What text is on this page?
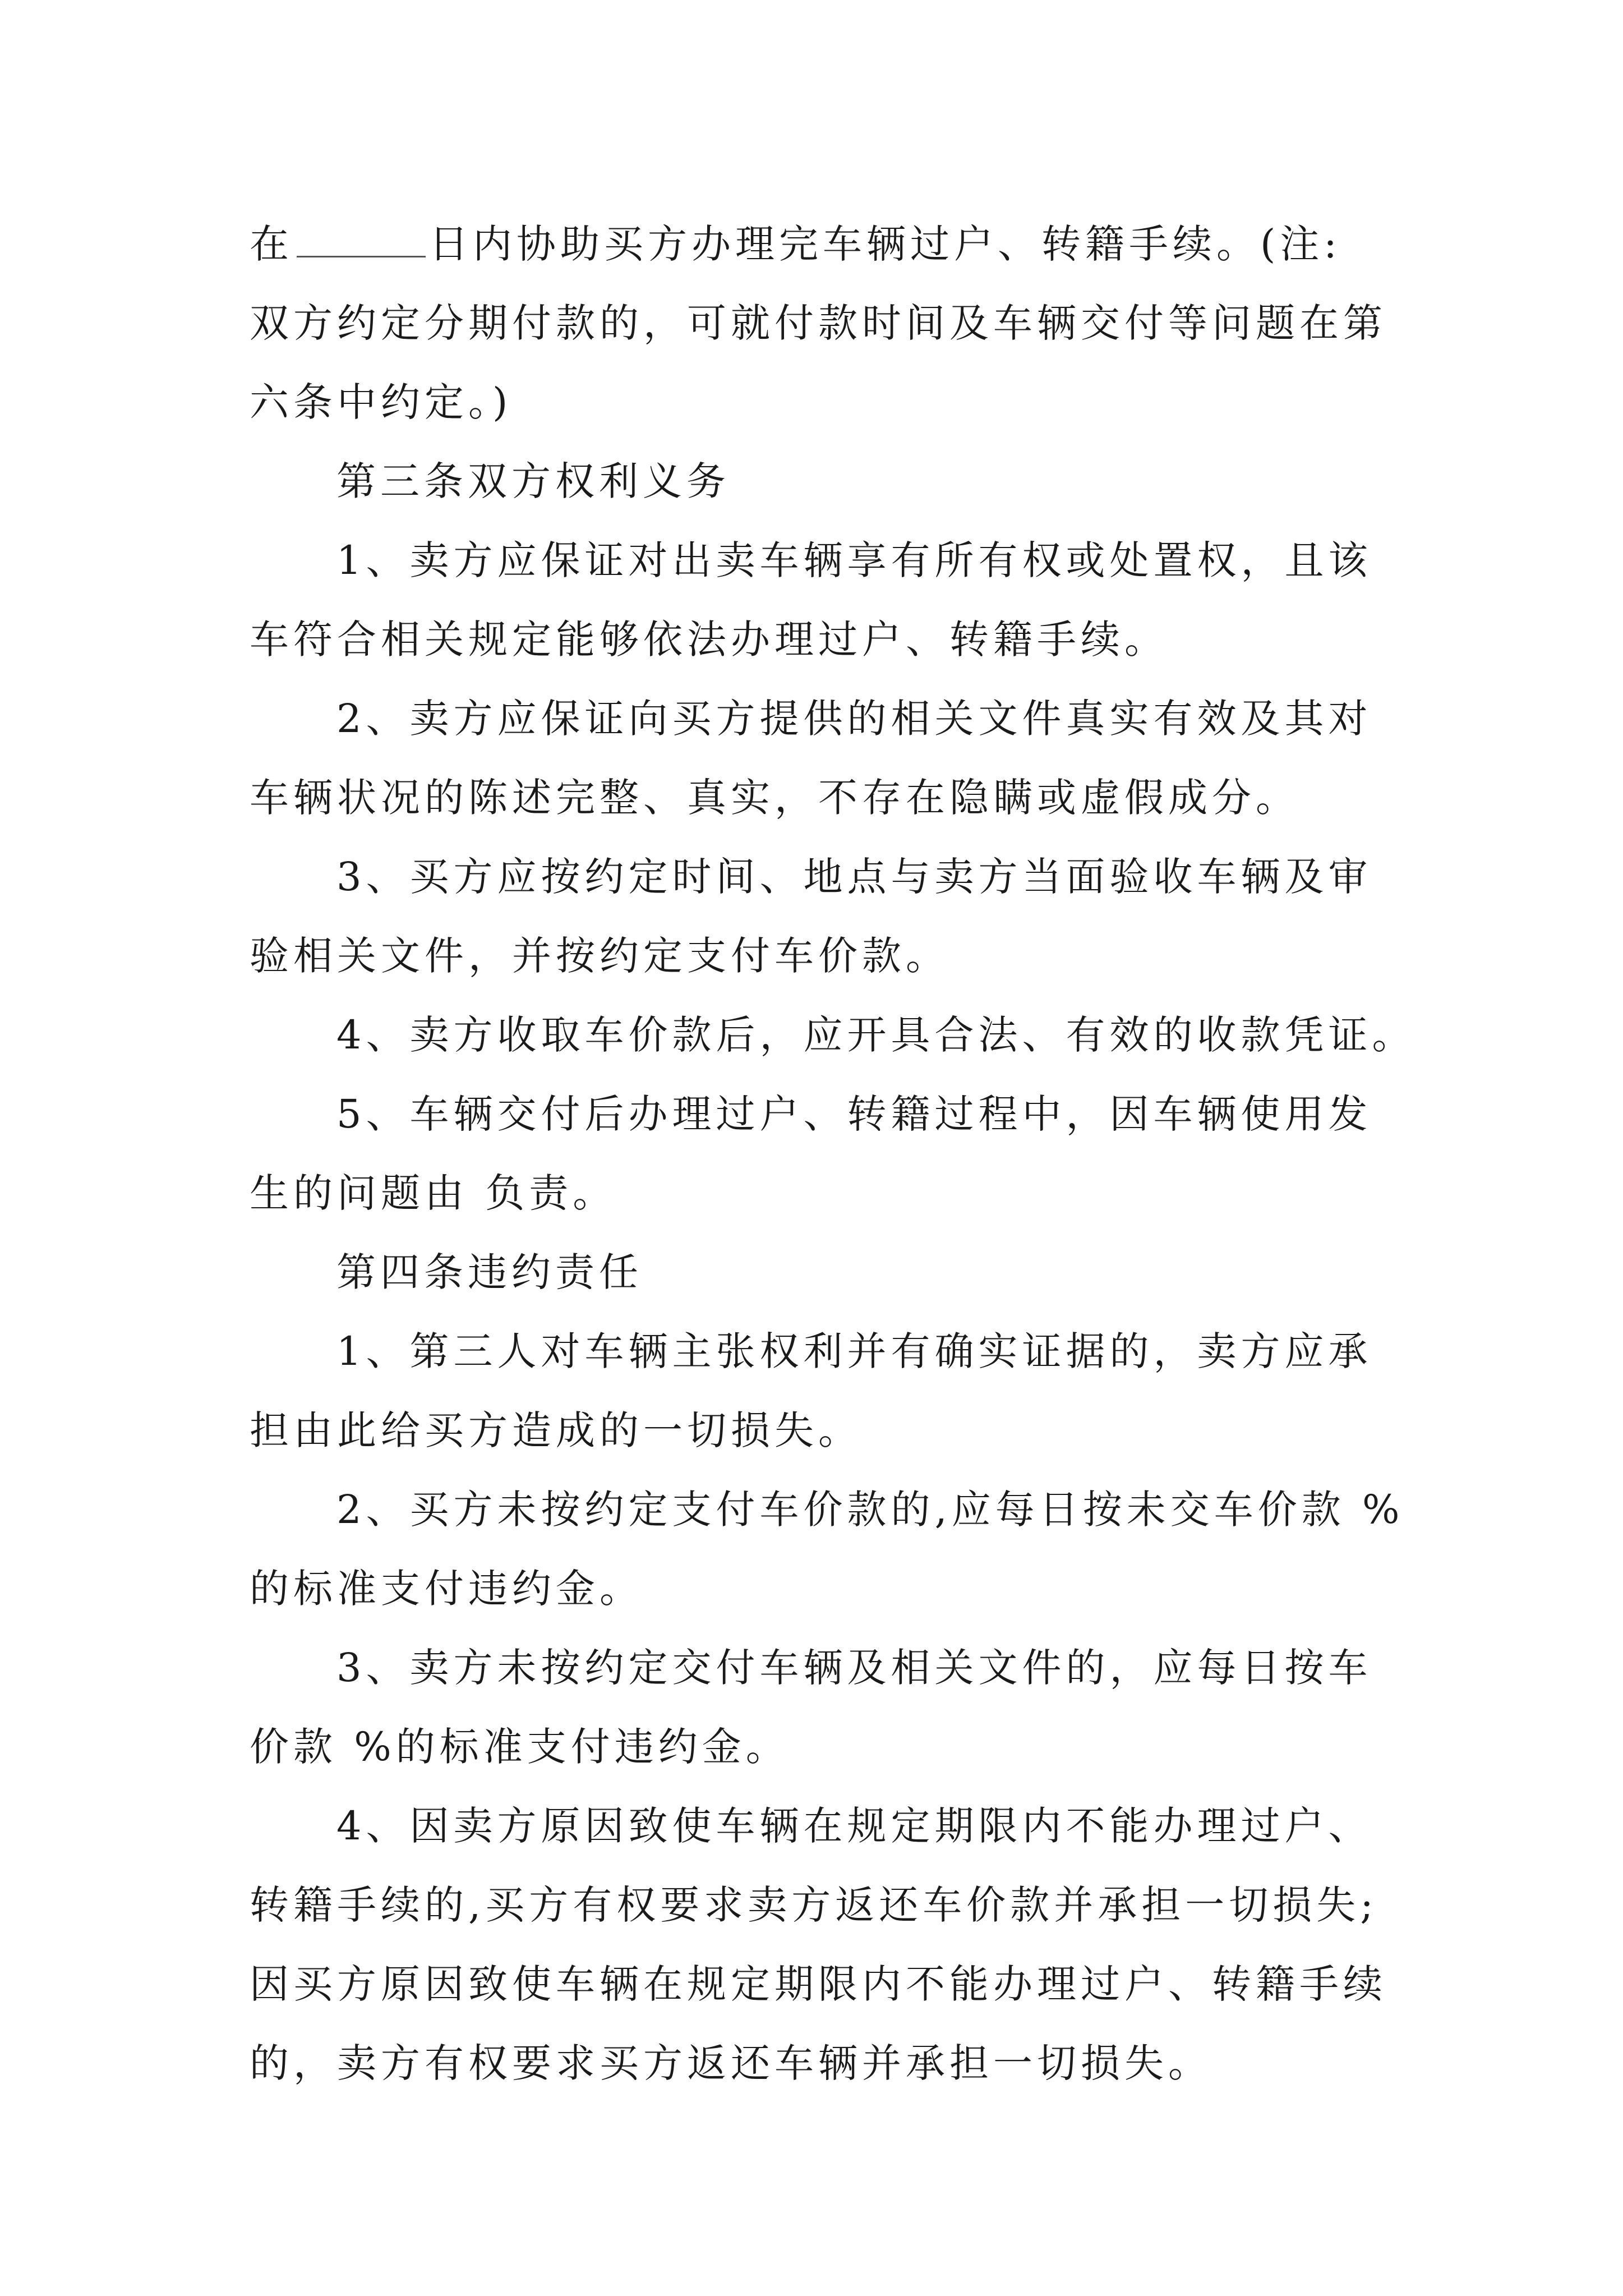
在	日内协助买方办理完车辆过户、转籍手续。(注:
双方约定分期付款的，可就付款时间及车辆交付等问题在第
六条中约定。)
第三条双方权利义务
1、卖方应保证对出卖车辆享有所有权或处置权，且该
车符合相关规定能够依法办理过户、转籍手续。
2、卖方应保证向买方提供的相关文件真实有效及其对
车辆状况的陈述完整、真实，不存在隐瞒或虚假成分。
3、买方应按约定时间、地点与卖方当面验收车辆及审
验相关文件，并按约定支付车价款。
4、卖方收取车价款后，应开具合法、有效的收款凭证。
5、车辆交付后办理过户、转籍过程中，因车辆使用发
生的问题由 负责。
第四条违约责任
1、第三人对车辆主张权利并有确实证据的，卖方应承
担由此给买方造成的一切损失。
2、买方未按约定支付车价款的,应每日按未交车价款 %
的标准支付违约金。
3、卖方未按约定交付车辆及相关文件的，应每日按车
价款 %的标准支付违约金。
4、因卖方原因致使车辆在规定期限内不能办理过户、
转籍手续的,买方有权要求卖方返还车价款并承担一切损失;
因买方原因致使车辆在规定期限内不能办理过户、转籍手续
的，卖方有权要求买方返还车辆并承担一切损失。
